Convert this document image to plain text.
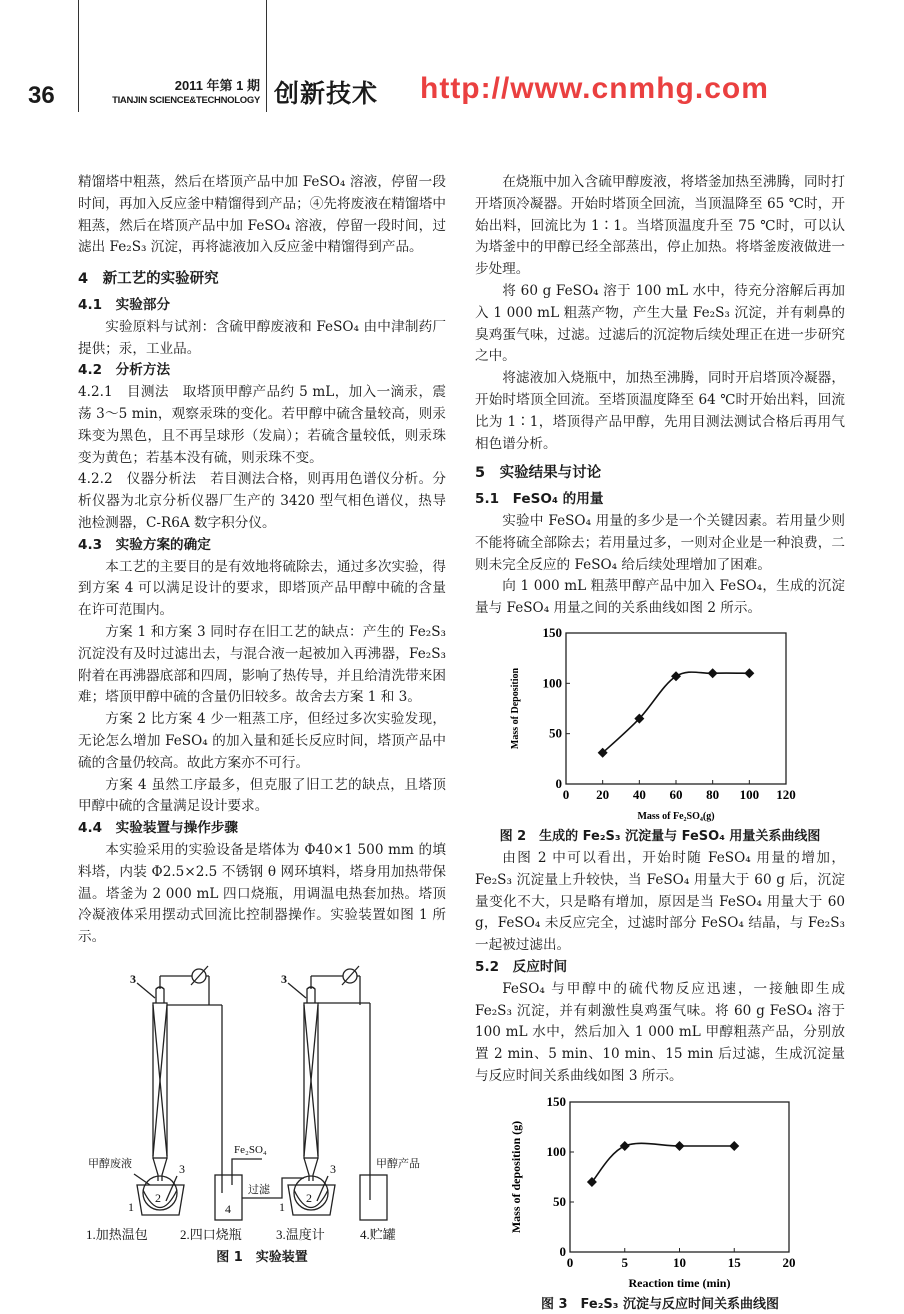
36	2011 年第 1 期
TIANJIN SCIENCE&TECHNOLOGY 创新技术 http://www.cnmhg.com

精馏塔中粗蒸，然后在塔顶产品中加 FeSO₄ 溶液，停留一段时间，再加入反应釜中精馏得到产品；④先将废液在精馏塔中粗蒸，然后在塔顶产品中加 FeSO₄ 溶液，停留一段时间，过滤出 Fe₂S₃ 沉淀，再将滤液加入反应釜中精馏得到产品。

4　新工艺的实验研究
4.1　实验部分

实验原料与试剂：含硫甲醇废液和 FeSO₄ 由中津制药厂提供；汞，工业品。

4.2　分析方法

4.2.1　目测法　取塔顶甲醇产品约 5 mL，加入一滴汞，震荡 3～5 min，观察汞珠的变化。若甲醇中硫含量较高，则汞珠变为黑色，且不再呈球形（发扁）；若硫含量较低，则汞珠变为黄色；若基本没有硫，则汞珠不变。

4.2.2　仪器分析法　若目测法合格，则再用色谱仪分析。分析仪器为北京分析仪器厂生产的 3420 型气相色谱仪，热导池检测器，C-R6A 数字积分仪。

4.3　实验方案的确定

本工艺的主要目的是有效地将硫除去，通过多次实验，得到方案 4 可以满足设计的要求，即塔顶产品甲醇中硫的含量在许可范围内。

方案 1 和方案 3 同时存在旧工艺的缺点：产生的 Fe₂S₃ 沉淀没有及时过滤出去，与混合液一起被加入再沸器，Fe₂S₃ 附着在再沸器底部和四周，影响了热传导，并且给清洗带来困难；塔顶甲醇中硫的含量仍旧较多。故舍去方案 1 和 3。

方案 2 比方案 4 少一粗蒸工序，但经过多次实验发现，无论怎么增加 FeSO₄ 的加入量和延长反应时间，塔顶产品中硫的含量仍较高。故此方案亦不可行。

方案 4 虽然工序最多，但克服了旧工艺的缺点，且塔顶甲醇中硫的含量满足设计要求。

4.4　实验装置与操作步骤

本实验采用的实验设备是塔体为 Φ40×1 500 mm 的填料塔，内装 Φ2.5×2.5 不锈钢 θ 网环填料，塔身用加热带保温。塔釜为 2 000 mL 四口烧瓶，用调温电热套加热。塔顶冷凝液体采用摆动式回流比控制器操作。实验装置如图 1 所示。

3	3
甲醇废液	3
2
1
Fe₂SO₄
4
过滤
3
2
1
甲醇产品
1.加热温包 2.四口烧瓶	3.温度计	4.贮罐
图 1　实验装置

在烧瓶中加入含硫甲醇废液，将塔釜加热至沸腾，同时打开塔顶冷凝器。开始时塔顶全回流，当顶温降至 65 ℃时，开始出料，回流比为 1∶1。当塔顶温度升至 75 ℃时，可以认为塔釜中的甲醇已经全部蒸出，停止加热。将塔釜废液做进一步处理。

将 60 g FeSO₄ 溶于 100 mL 水中，待充分溶解后再加入 1 000 mL 粗蒸产物，产生大量 Fe₂S₃ 沉淀，并有刺鼻的臭鸡蛋气味，过滤。过滤后的沉淀物后续处理正在进一步研究之中。

将滤液加入烧瓶中，加热至沸腾，同时开启塔顶冷凝器，开始时塔顶全回流。至塔顶温度降至 64 ℃时开始出料，回流比为 1∶1，塔顶得产品甲醇，先用目测法测试合格后再用气相色谱分析。

5　实验结果与讨论
5.1　FeSO₄ 的用量

实验中 FeSO₄ 用量的多少是一个关键因素。若用量少则不能将硫全部除去；若用量过多，一则对企业是一种浪费，二则未完全反应的 FeSO₄ 给后续处理增加了困难。

向 1 000 mL 粗蒸甲醇产品中加入 FeSO₄，生成的沉淀量与 FeSO₄ 用量之间的关系曲线如图 2 所示。

0 20 40 60 80 100 120
0
50
100
150
Mass of Fe₂SO₄(g)
Mass of Deposition
图 2　生成的 Fe₂S₃ 沉淀量与 FeSO₄ 用量关系曲线图

由图 2 中可以看出，开始时随 FeSO₄ 用量的增加，Fe₂S₃ 沉淀量上升较快，当 FeSO₄ 用量大于 60 g 后，沉淀量变化不大，只是略有增加，原因是当 FeSO₄ 用量大于 60 g，FeSO₄ 未反应完全，过滤时部分 FeSO₄ 结晶，与 Fe₂S₃ 一起被过滤出。

5.2　反应时间

FeSO₄ 与甲醇中的硫代物反应迅速，一接触即生成 Fe₂S₃ 沉淀，并有刺激性臭鸡蛋气味。将 60 g FeSO₄ 溶于 100 mL 水中，然后加入 1 000 mL 甲醇粗蒸产品，分别放置 2 min、5 min、10 min、15 min 后过滤，生成沉淀量与反应时间关系曲线如图 3 所示。

0	5	10	15	20
0
50
100
150
Reaction time (min)
Mass of deposition (g)
图 3　Fe₂S₃ 沉淀与反应时间关系曲线图
